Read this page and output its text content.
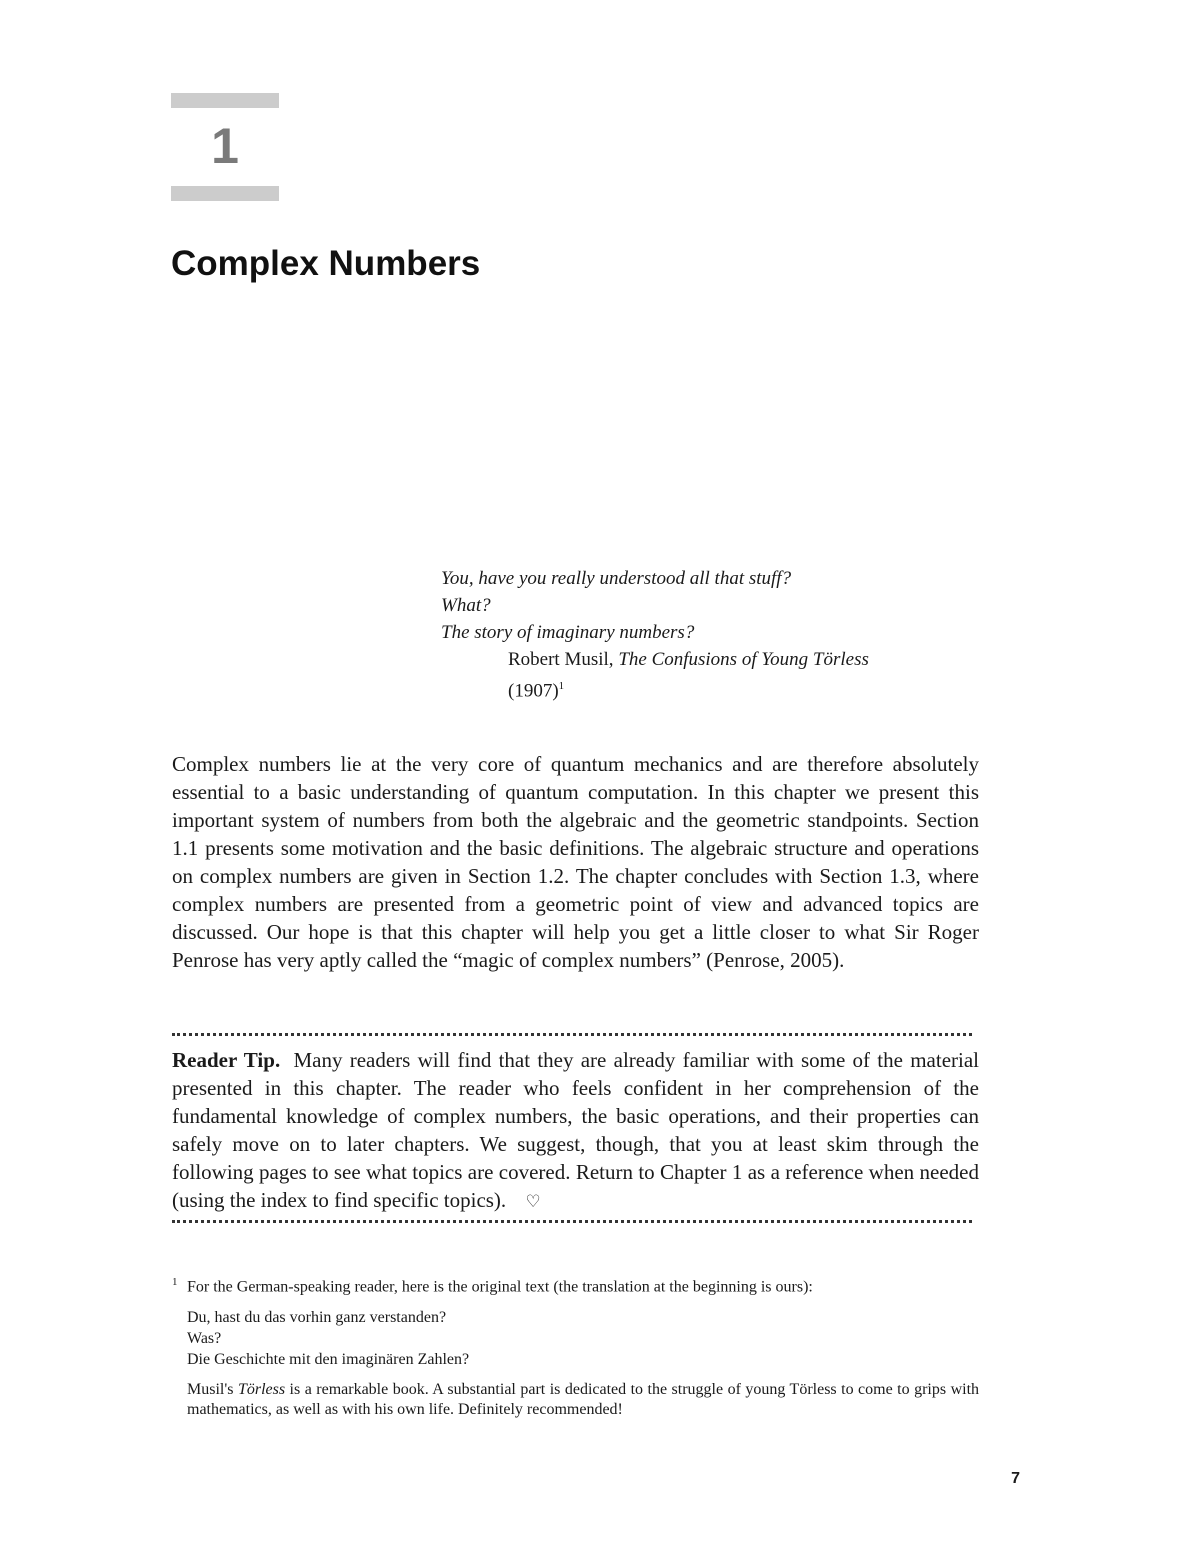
1
Complex Numbers
You, have you really understood all that stuff?
What?
The story of imaginary numbers?
Robert Musil, The Confusions of Young Törless $(1907)^1$

Complex numbers lie at the very core of quantum mechanics and are therefore absolutely essential to a basic understanding of quantum computation. In this chapter we present this important system of numbers from both the algebraic and the geometric standpoints. Section 1.1 presents some motivation and the basic definitions. The algebraic structure and operations on complex numbers are given in Section 1.2. The chapter concludes with Section 1.3, where complex numbers are presented from a geometric point of view and advanced topics are discussed. Our hope is that this chapter will help you get a little closer to what Sir Roger Penrose has very aptly called the “magic of complex numbers” (Penrose, 2005).

Reader Tip. Many readers will find that they are already familiar with some of the material presented in this chapter. The reader who feels confident in her comprehension of the fundamental knowledge of complex numbers, the basic operations, and their properties can safely move on to later chapters. We suggest, though, that you at least skim through the following pages to see what topics are covered. Return to Chapter 1 as a reference when needed (using the index to find specific topics). ♡

1 For the German-speaking reader, here is the original text (the translation at the beginning is ours):

Du, hast du das vorhin ganz verstanden?
Was?
Die Geschichte mit den imaginären Zahlen?

Musil's Törless is a remarkable book. A substantial part is dedicated to the struggle of young Törless to come to grips with mathematics, as well as with his own life. Definitely recommended!

7
